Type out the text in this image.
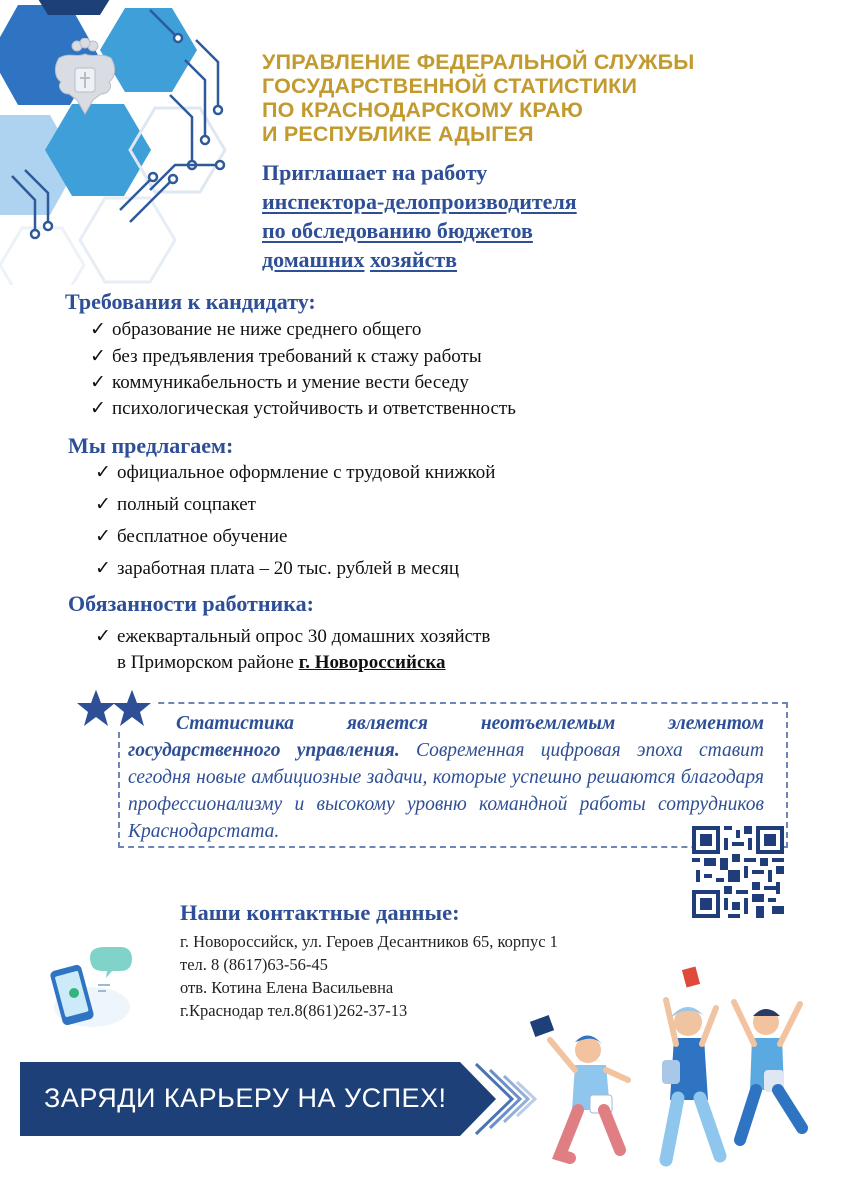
УПРАВЛЕНИЕ ФЕДЕРАЛЬНОЙ СЛУЖБЫ
ГОСУДАРСТВЕННОЙ СТАТИСТИКИ
ПО КРАСНОДАРСКОМУ КРАЮ
И РЕСПУБЛИКЕ АДЫГЕЯ
Приглашает на работу
инспектора-делопроизводителя
по обследованию бюджетов
домашних хозяйств
Требования к кандидату:
✓ образование не ниже среднего общего
✓ без предъявления требований к стажу работы
✓ коммуникабельность и умение вести беседу
✓ психологическая устойчивость и ответственность
Мы предлагаем:
✓ официальное оформление с трудовой книжкой
✓ полный соцпакет
✓ бесплатное обучение
✓ заработная плата – 20 тыс. рублей в месяц
Обязанности работника:
✓ ежеквартальный опрос 30 домашних хозяйств
в Приморском районе г. Новороссийска
Статистика является неотъемлемым элементом государственного управления. Современная цифровая эпоха ставит сегодня новые амбициозные задачи, которые успешно решаются благодаря профессионализму и высокому уровню командной работы сотрудников Краснодарстата.
Наши контактные данные:
г. Новороссийск, ул. Героев Десантников 65, корпус 1
тел. 8 (8617)63-56-45
отв. Котина Елена Васильевна
г.Краснодар тел.8(861)262-37-13
ЗАРЯДИ КАРЬЕРУ НА УСПЕХ!
